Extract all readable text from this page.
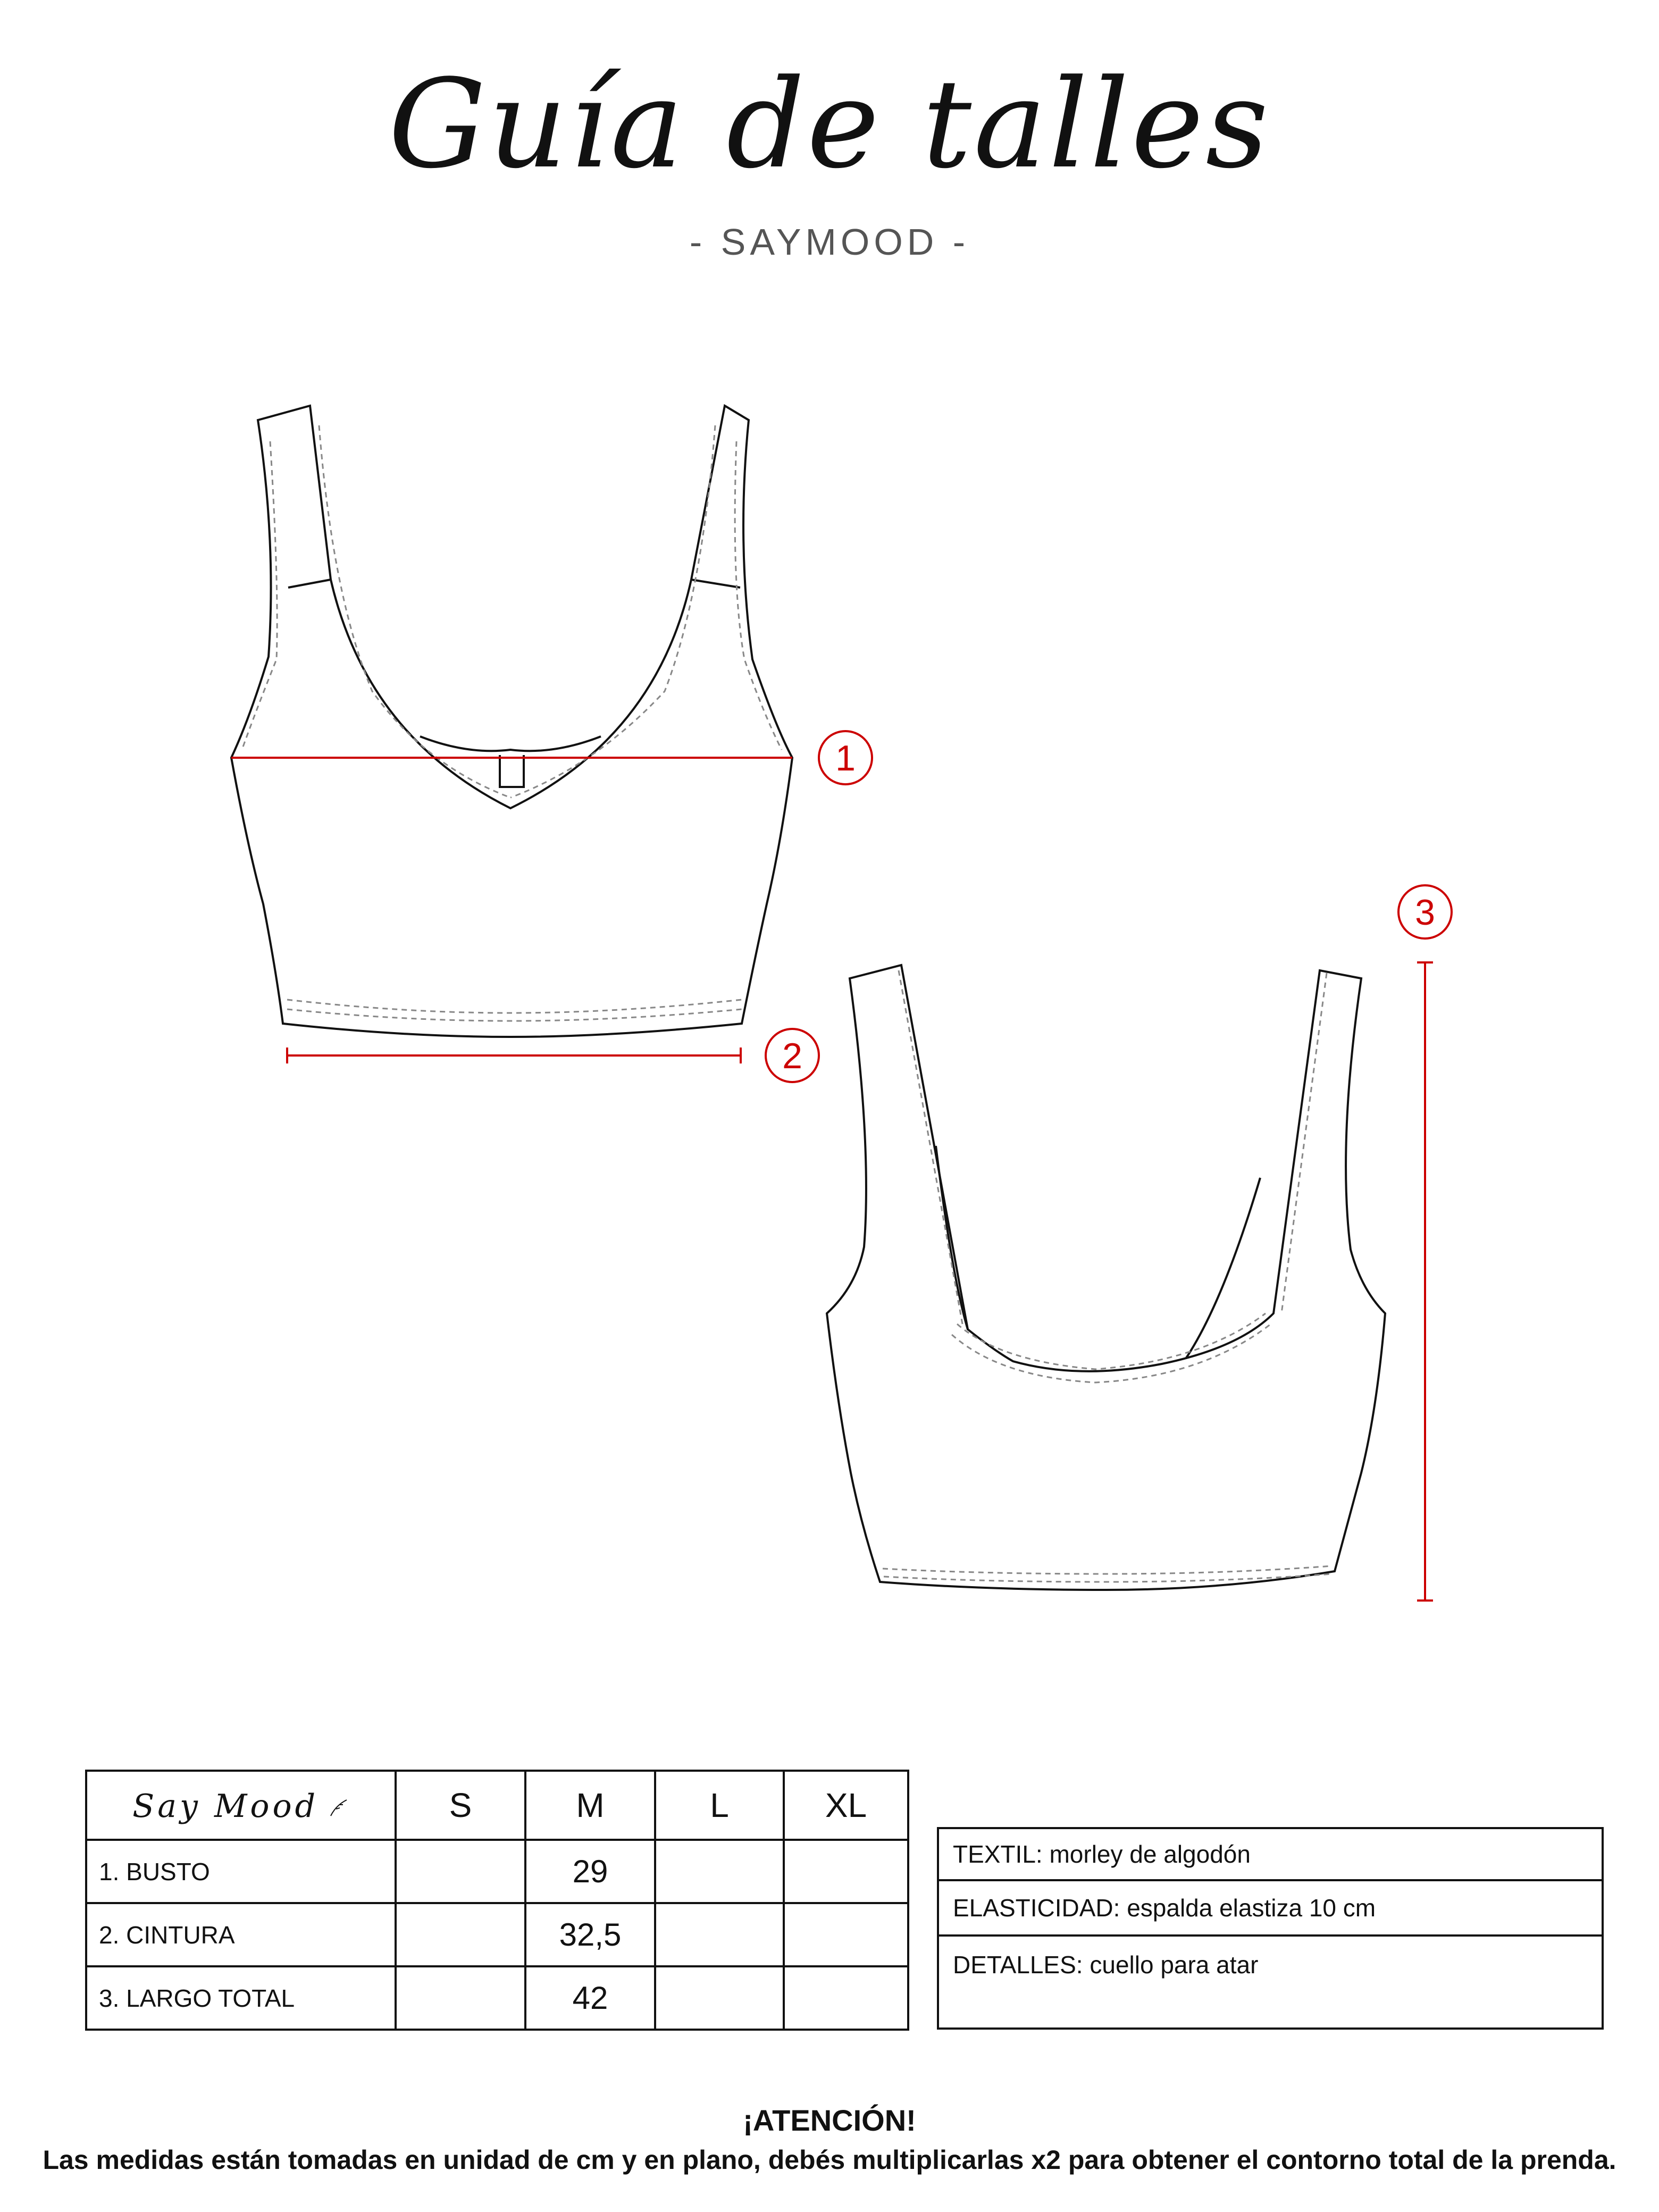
Guía de talles
- SAYMOOD -
1
2
3
Say Mood	S	M	L	XL
1. BUSTO		29		
2. CINTURA		32,5		
3. LARGO TOTAL		42		
TEXTIL: morley de algodón
ELASTICIDAD: espalda elastiza 10 cm
DETALLES: cuello para atar
¡ATENCIÓN!
Las medidas están tomadas en unidad de cm y en plano, debés multiplicarlas x2 para obtener el contorno total de la prenda.
